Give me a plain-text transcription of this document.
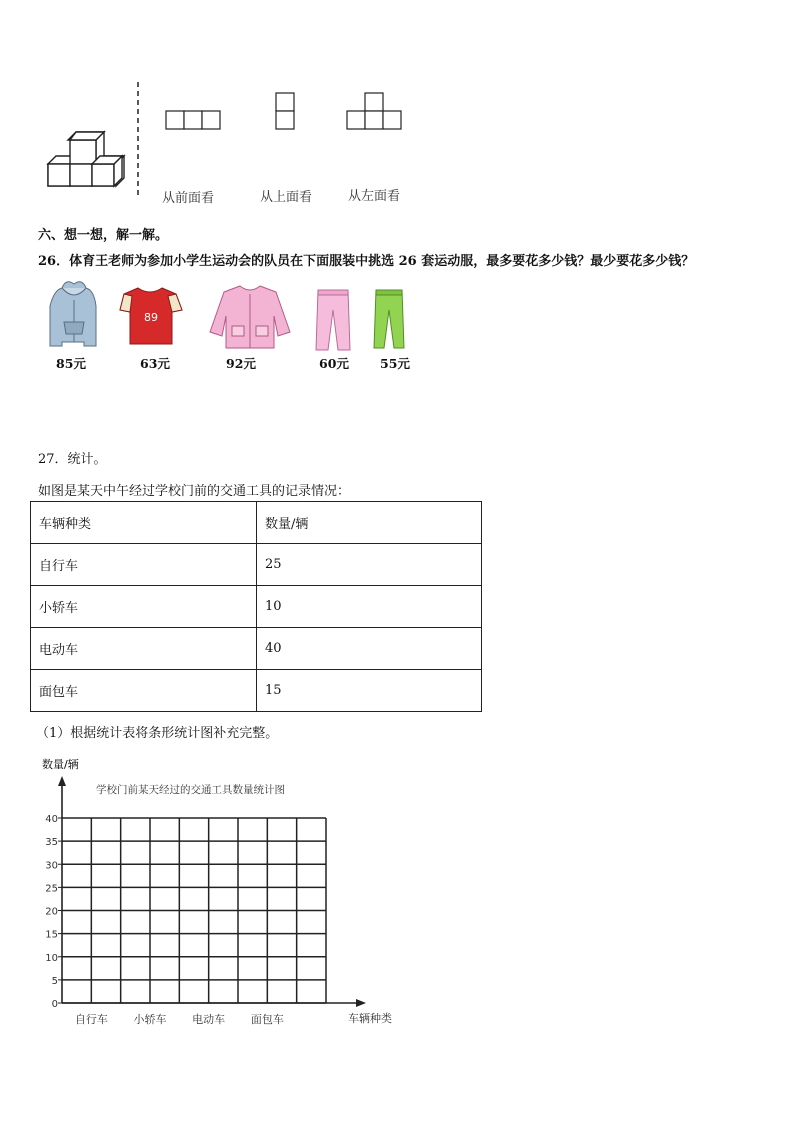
从前面看	从上面看	从左面看
六、想一想，解一解。
26．体育王老师为参加小学生运动会的队员在下面服装中挑选 26 套运动服，最多要花多少钱？最少要花多少钱？
89
85元	63元	92元	60元	55元
27．统计。
如图是某天中午经过学校门前的交通工具的记录情况：
车辆种类	数量/辆
自行车	25
小轿车	10
电动车	40
面包车	15
（1）根据统计表将条形统计图补充完整。
数量/辆
学校门前某天经过的交通工具数量统计图
0
5
10
15
20
25
30
35
40
自行车 小轿车 电动车 面包车	车辆种类
